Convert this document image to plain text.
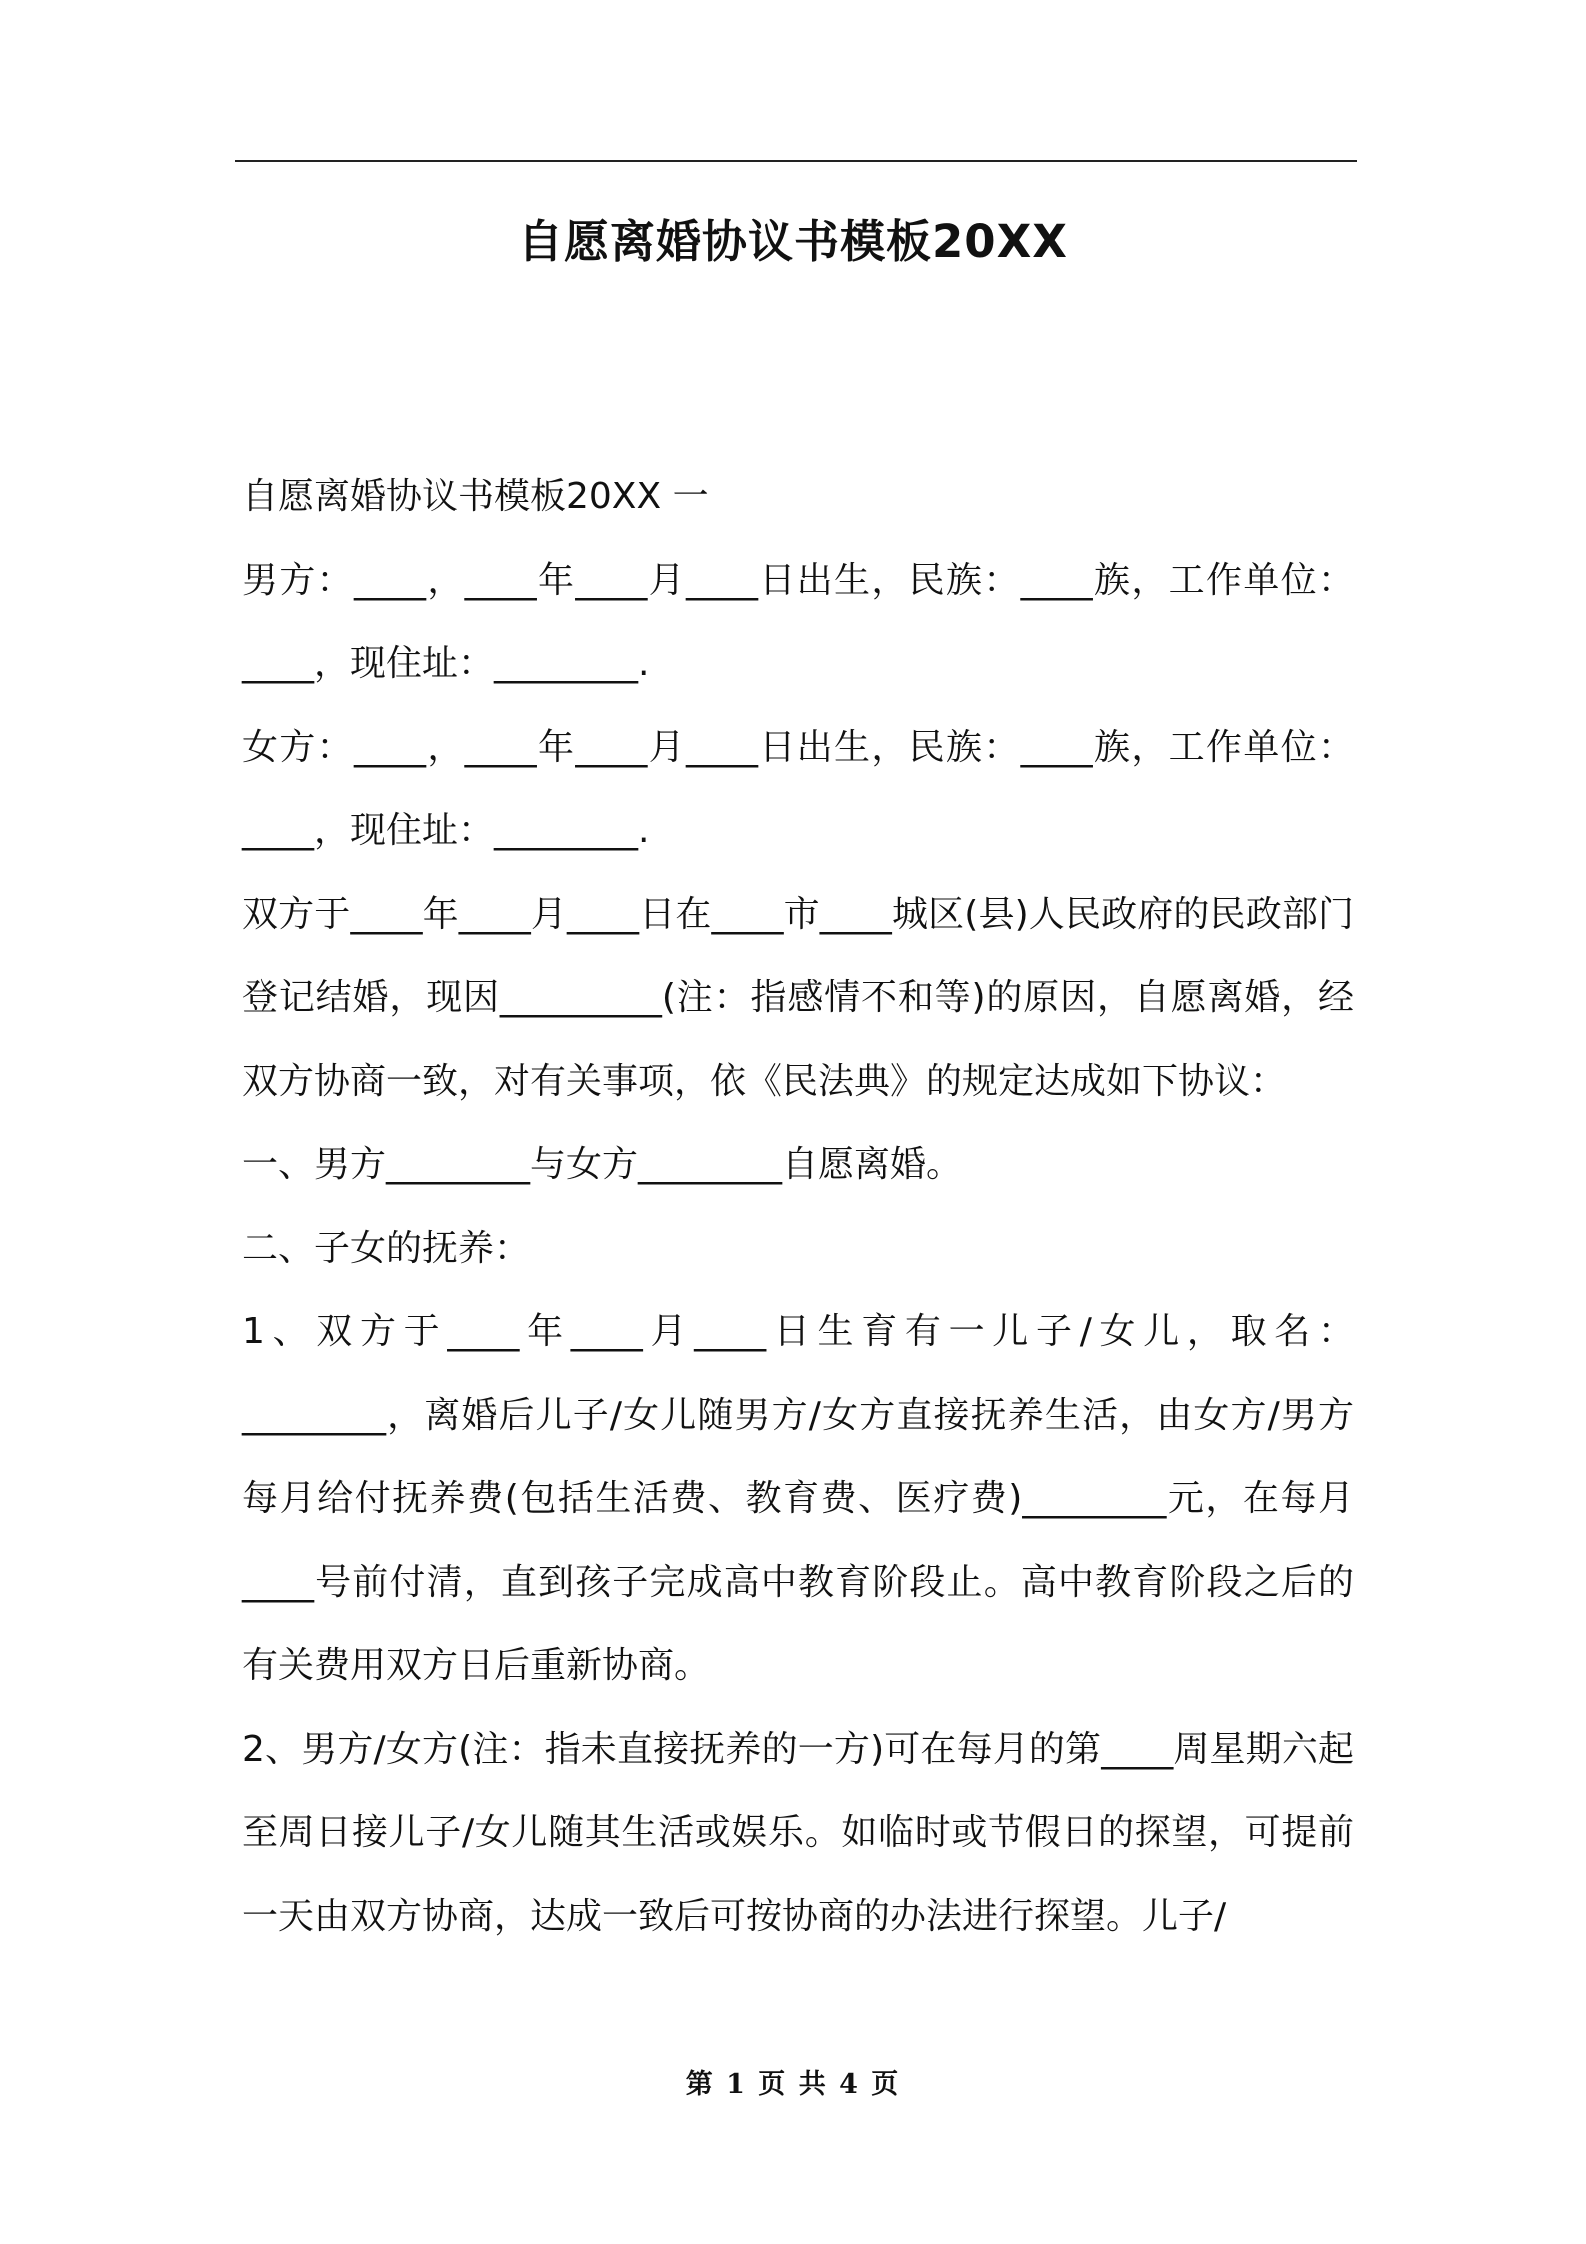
自愿离婚协议书模板20XX

自愿离婚协议书模板20XX 一

男方：____，____年____月____日出生，民族：____族，工作单位：____，现住址：________.

女方：____，____年____月____日出生，民族：____族，工作单位：____，现住址：________.

双方于____年____月____日在____市____城区(县)人民政府的民政部门登记结婚，现因_________(注：指感情不和等)的原因，自愿离婚，经双方协商一致，对有关事项，依《民法典》的规定达成如下协议：

一、男方________与女方________自愿离婚。

二、子女的抚养：

1、双方于____年____月____日生育有一儿子/女儿，取名：________，离婚后儿子/女儿随男方/女方直接抚养生活，由女方/男方每月给付抚养费(包括生活费、教育费、医疗费)________元，在每月____号前付清，直到孩子完成高中教育阶段止。高中教育阶段之后的有关费用双方日后重新协商。

2、男方/女方(注：指未直接抚养的一方)可在每月的第____周星期六起至周日接儿子/女儿随其生活或娱乐。如临时或节假日的探望，可提前一天由双方协商，达成一致后可按协商的办法进行探望。儿子/

第 1 页 共 4 页
